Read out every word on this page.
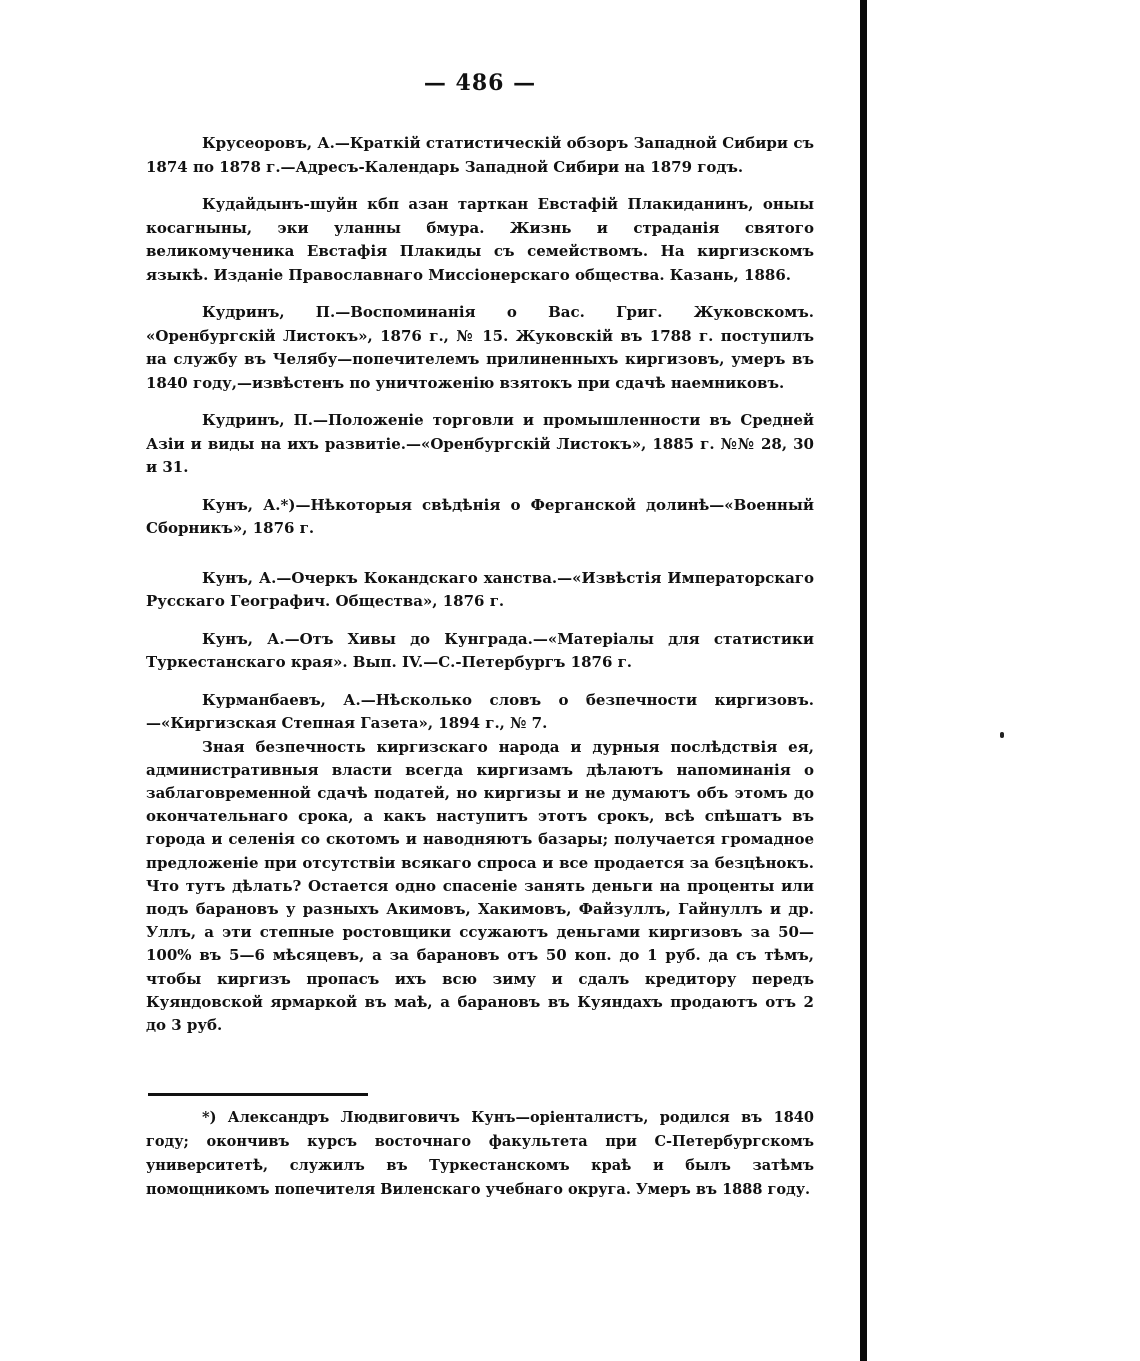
— 486 —

Крусеоровъ, А.—Краткій статистическій обзоръ Западной Сибири съ 1874 по 1878 г.—Адресъ-Календарь Западной Сибири на 1879 годъ.

Кудайдынъ-шуйн кбп азан тарткан Евстафій Плакиданинъ, оныы косагныны, эки уланны бмура. Жизнь и страданія святого великомученика Евстафія Плакиды съ семействомъ. На киргизскомъ языкѣ. Изданіе Православнаго Миссіонерскаго общества. Казань, 1886.

Кудринъ, П.—Воспоминанія о Вас. Григ. Жуковскомъ. «Оренбургскій Листокъ», 1876 г., № 15. Жуковскій въ 1788 г. поступилъ на службу въ Челябу—попечителемъ прилиненныхъ киргизовъ, умеръ въ 1840 году,—извѣстенъ по уничтоженію взятокъ при сдачѣ наемниковъ.

Кудринъ, П.—Положеніе торговли и промышленности въ Средней Азіи и виды на ихъ развитіе.—«Оренбургскій Листокъ», 1885 г. №№ 28, 30 и 31.

Кунъ, А.*)—Нѣкоторыя свѣдѣнія о Ферганской долинѣ—«Военный Сборникъ», 1876 г.

Кунъ, А.—Очеркъ Кокандскаго ханства.—«Извѣстія Императорскаго Русскаго Географич. Общества», 1876 г.

Кунъ, А.—Отъ Хивы до Кунграда.—«Матеріалы для статистики Туркестанскаго края». Вып. IV.—С.-Петербургъ 1876 г.

Курманбаевъ, А.—Нѣсколько словъ о безпечности киргизовъ.—«Киргизская Степная Газета», 1894 г., № 7.

Зная безпечность киргизскаго народа и дурныя послѣдствія ея, административныя власти всегда киргизамъ дѣлаютъ напоминанія о заблаговременной сдачѣ податей, но киргизы и не думаютъ объ этомъ до окончательнаго срока, а какъ наступитъ этотъ срокъ, всѣ спѣшатъ въ города и селенія со скотомъ и наводняютъ базары; получается громадное предложеніе при отсутствіи всякаго спроса и все продается за безцѣнокъ. Что тутъ дѣлать? Остается одно спасеніе занять деньги на проценты или подъ барановъ у разныхъ Акимовъ, Хакимовъ, Файзуллъ, Гайнуллъ и др. Уллъ, а эти степные ростовщики ссужаютъ деньгами киргизовъ за 50—100% въ 5—6 мѣсяцевъ, а за барановъ отъ 50 коп. до 1 руб. да съ тѣмъ, чтобы киргизъ пропасъ ихъ всю зиму и сдалъ кредитору передъ Куяндовской ярмаркой въ маѣ, а барановъ въ Куяндахъ продаютъ отъ 2 до 3 руб.

*) Александръ Людвиговичъ Кунъ—оріенталистъ, родился въ 1840 году; окончивъ курсъ восточнаго факультета при С-Петербургскомъ университетѣ, служилъ въ Туркестанскомъ краѣ и былъ затѣмъ помощникомъ попечителя Виленскаго учебнаго округа. Умеръ въ 1888 году.
